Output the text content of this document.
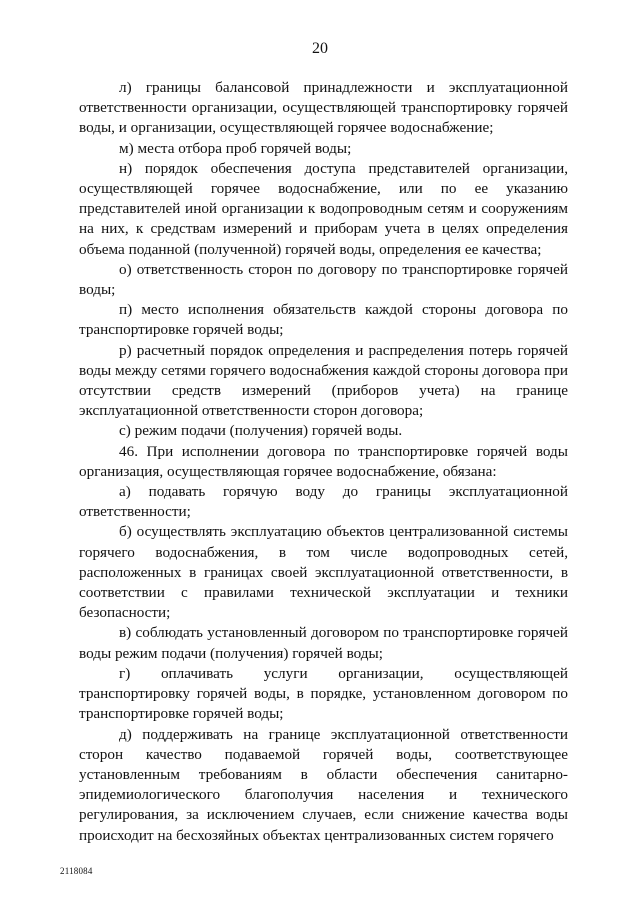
20

л) границы балансовой принадлежности и эксплуатационной ответственности организации, осуществляющей транспортировку горячей воды, и организации, осуществляющей горячее водоснабжение;

м) места отбора проб горячей воды;

н) порядок обеспечения доступа представителей организации, осуществляющей горячее водоснабжение, или по ее указанию представителей иной организации к водопроводным сетям и сооружениям на них, к средствам измерений и приборам учета в целях определения объема поданной (полученной) горячей воды, определения ее качества;

о) ответственность сторон по договору по транспортировке горячей воды;

п) место исполнения обязательств каждой стороны договора по транспортировке горячей воды;

р) расчетный порядок определения и распределения потерь горячей воды между сетями горячего водоснабжения каждой стороны договора при отсутствии средств измерений (приборов учета) на границе эксплуатационной ответственности сторон договора;

с) режим подачи (получения) горячей воды.

46. При исполнении договора по транспортировке горячей воды организация, осуществляющая горячее водоснабжение, обязана:

а) подавать горячую воду до границы эксплуатационной ответственности;

б) осуществлять эксплуатацию объектов централизованной системы горячего водоснабжения, в том числе водопроводных сетей, расположенных в границах своей эксплуатационной ответственности, в соответствии с правилами технической эксплуатации и техники безопасности;

в) соблюдать установленный договором по транспортировке горячей воды режим подачи (получения) горячей воды;

г) оплачивать услуги организации, осуществляющей транспортировку горячей воды, в порядке, установленном договором по транспортировке горячей воды;

д) поддерживать на границе эксплуатационной ответственности сторон качество подаваемой горячей воды, соответствующее установленным требованиям в области обеспечения санитарно-эпидемиологического благополучия населения и технического регулирования, за исключением случаев, если снижение качества воды происходит на бесхозяйных объектах централизованных систем горячего

2118084
